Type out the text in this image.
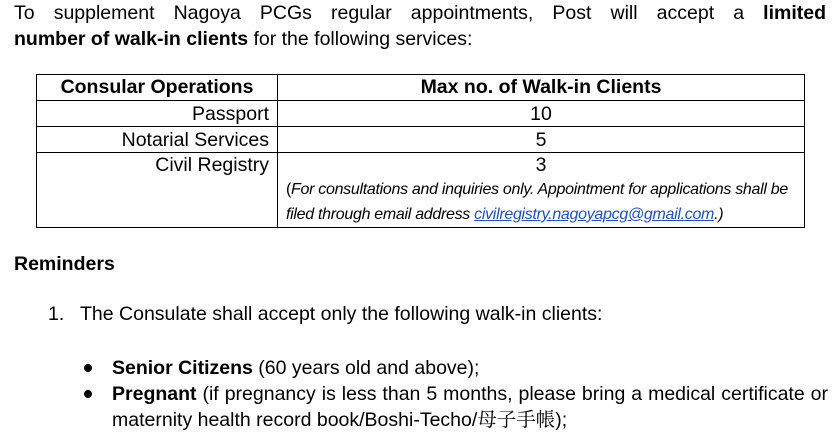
To supplement Nagoya PCGs regular appointments, Post will accept a limited
number of walk-in clients for the following services:
Consular Operations	Max no. of Walk-in Clients
Passport	10
Notarial Services	5
Civil Registry	3
(For consultations and inquiries only. Appointment for applications shall be filed through email address civilregistry.nagoyapcg@gmail.com.)
Reminders
1. The Consulate shall accept only the following walk-in clients:
Senior Citizens (60 years old and above);
Pregnant (if pregnancy is less than 5 months, please bring a medical certificate or maternity health record book/Boshi-Techo/母子手帳);
